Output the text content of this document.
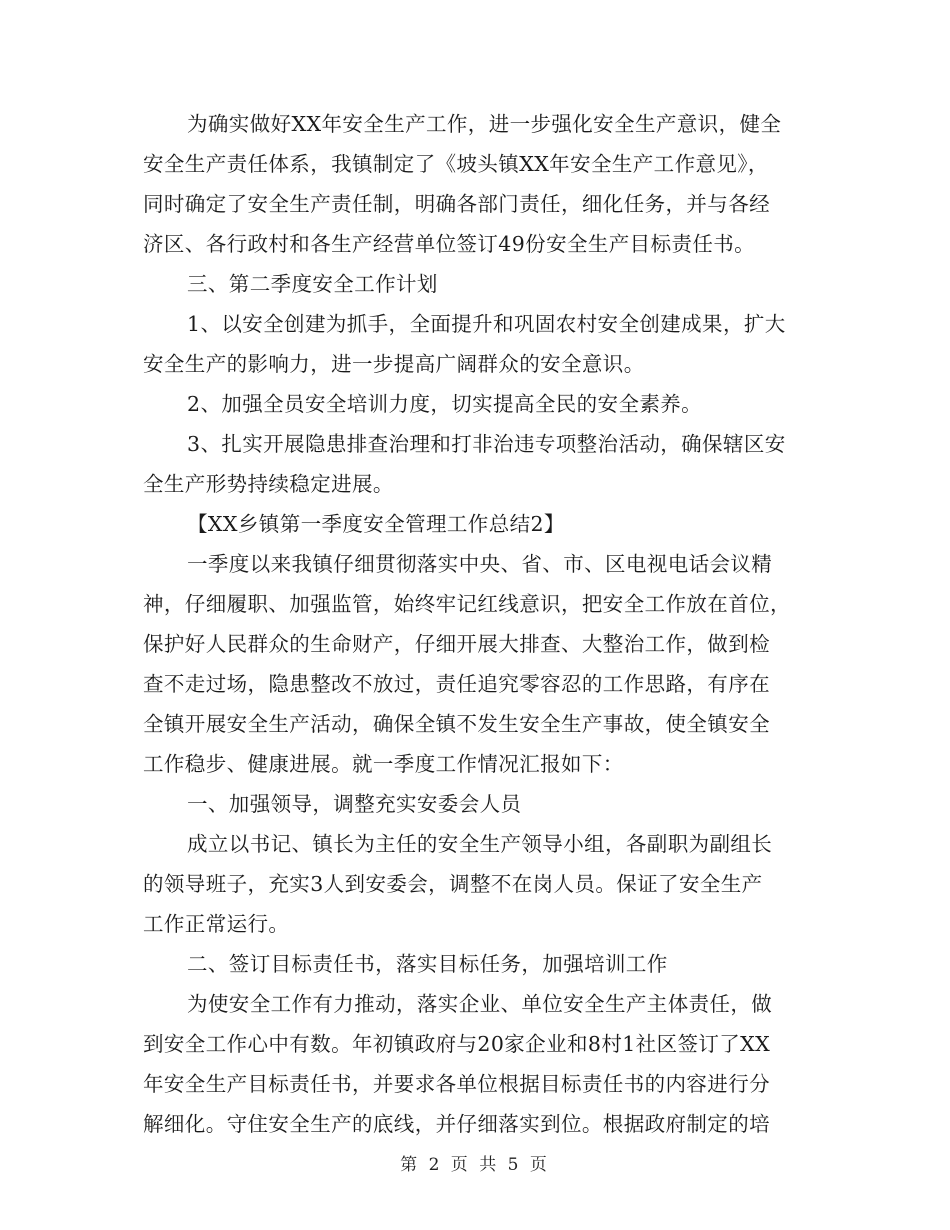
为确实做好XX年安全生产工作，进一步强化安全生产意识，健全
安全生产责任体系，我镇制定了《坡头镇XX年安全生产工作意见》，
同时确定了安全生产责任制，明确各部门责任，细化任务，并与各经
济区、各行政村和各生产经营单位签订49份安全生产目标责任书。
三、第二季度安全工作计划
1、以安全创建为抓手，全面提升和巩固农村安全创建成果，扩大
安全生产的影响力，进一步提高广阔群众的安全意识。
2、加强全员安全培训力度，切实提高全民的安全素养。
3、扎实开展隐患排查治理和打非治违专项整治活动，确保辖区安
全生产形势持续稳定进展。
【XX乡镇第一季度安全管理工作总结2】
一季度以来我镇仔细贯彻落实中央、省、市、区电视电话会议精
神，仔细履职、加强监管，始终牢记红线意识，把安全工作放在首位，
保护好人民群众的生命财产，仔细开展大排查、大整治工作，做到检
查不走过场，隐患整改不放过，责任追究零容忍的工作思路，有序在
全镇开展安全生产活动，确保全镇不发生安全生产事故，使全镇安全
工作稳步、健康进展。就一季度工作情况汇报如下：
一、加强领导，调整充实安委会人员
成立以书记、镇长为主任的安全生产领导小组，各副职为副组长
的领导班子，充实3人到安委会，调整不在岗人员。保证了安全生产
工作正常运行。
二、签订目标责任书，落实目标任务，加强培训工作
为使安全工作有力推动，落实企业、单位安全生产主体责任，做
到安全工作心中有数。年初镇政府与20家企业和8村1社区签订了XX
年安全生产目标责任书，并要求各单位根据目标责任书的内容进行分
解细化。守住安全生产的底线，并仔细落实到位。根据政府制定的培
第 2 页 共 5 页
